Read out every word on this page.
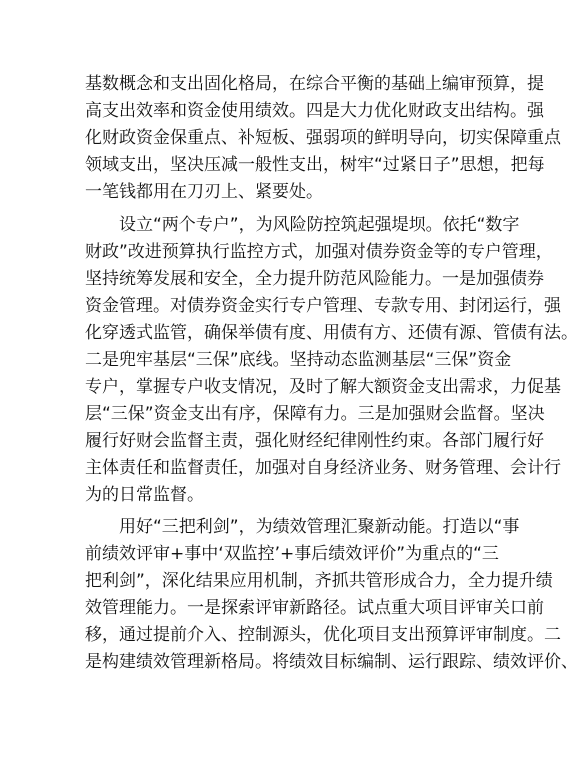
基数概念和支出固化格局，在综合平衡的基础上编审预算，提
高支出效率和资金使用绩效。四是大力优化财政支出结构。强
化财政资金保重点、补短板、强弱项的鲜明导向，切实保障重点
领域支出，坚决压减一般性支出，树牢“过紧日子”思想，把每
一笔钱都用在刀刃上、紧要处。
设立“两个专户”，为风险防控筑起强堤坝。依托“数字
财政”改进预算执行监控方式，加强对债券资金等的专户管理，
坚持统筹发展和安全，全力提升防范风险能力。一是加强债券
资金管理。对债券资金实行专户管理、专款专用、封闭运行，强
化穿透式监管，确保举债有度、用债有方、还债有源、管债有法。
二是兜牢基层“三保”底线。坚持动态监测基层“三保”资金
专户，掌握专户收支情况，及时了解大额资金支出需求，力促基
层“三保”资金支出有序，保障有力。三是加强财会监督。坚决
履行好财会监督主责，强化财经纪律刚性约束。各部门履行好
主体责任和监督责任，加强对自身经济业务、财务管理、会计行
为的日常监督。
用好“三把利剑”，为绩效管理汇聚新动能。打造以“事
前绩效评审+事中‘双监控’+事后绩效评价”为重点的“三
把利剑”，深化结果应用机制，齐抓共管形成合力，全力提升绩
效管理能力。一是探索评审新路径。试点重大项目评审关口前
移，通过提前介入、控制源头，优化项目支出预算评审制度。二
是构建绩效管理新格局。将绩效目标编制、运行跟踪、绩效评价、
